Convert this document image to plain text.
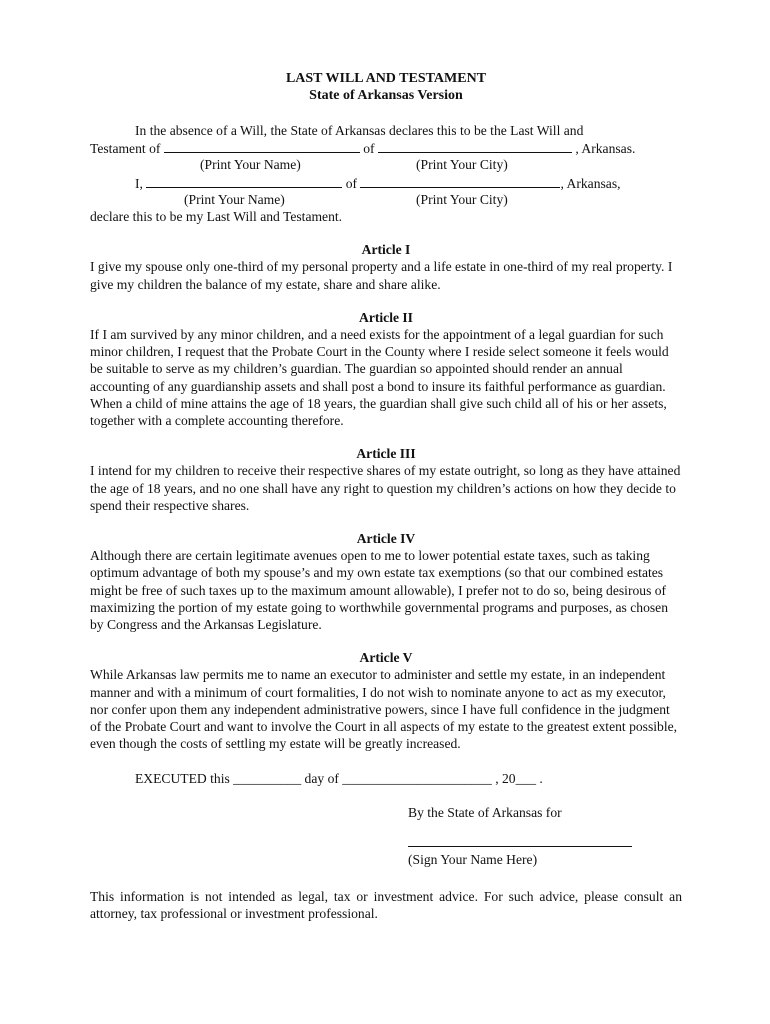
LAST WILL AND TESTAMENT
State of Arkansas Version
In the absence of a Will, the State of Arkansas declares this to be the Last Will and
Testament of	of	, Arkansas.
(Print Your Name)	(Print Your City)
I,	of	, Arkansas,
(Print Your Name)	(Print Your City)
declare this to be my Last Will and Testament.
Article I
I give my spouse only one-third of my personal property and a life estate in one-third of my real property. I give my children the balance of my estate, share and share alike.
Article II
If I am survived by any minor children, and a need exists for the appointment of a legal guardian for such minor children, I request that the Probate Court in the County where I reside select someone it feels would be suitable to serve as my children’s guardian. The guardian so appointed should render an annual accounting of any guardianship assets and shall post a bond to insure its faithful performance as guardian. When a child of mine attains the age of 18 years, the guardian shall give such child all of his or her assets, together with a complete accounting therefore.
Article III
I intend for my children to receive their respective shares of my estate outright, so long as they have attained the age of 18 years, and no one shall have any right to question my children’s actions on how they decide to spend their respective shares.
Article IV
Although there are certain legitimate avenues open to me to lower potential estate taxes, such as taking optimum advantage of both my spouse’s and my own estate tax exemptions (so that our combined estates might be free of such taxes up to the maximum amount allowable), I prefer not to do so, being desirous of maximizing the portion of my estate going to worthwhile governmental programs and purposes, as chosen by Congress and the Arkansas Legislature.
Article V
While Arkansas law permits me to name an executor to administer and settle my estate, in an independent manner and with a minimum of court formalities, I do not wish to nominate anyone to act as my executor, nor confer upon them any independent administrative powers, since I have full confidence in the judgment of the Probate Court and want to involve the Court in all aspects of my estate to the greatest extent possible, even though the costs of settling my estate will be greatly increased.
EXECUTED this __________ day of ______________________ , 20___ .
By the State of Arkansas for
(Sign Your Name Here)
This information is not intended as legal, tax or investment advice. For such advice, please consult an attorney, tax professional or investment professional.
